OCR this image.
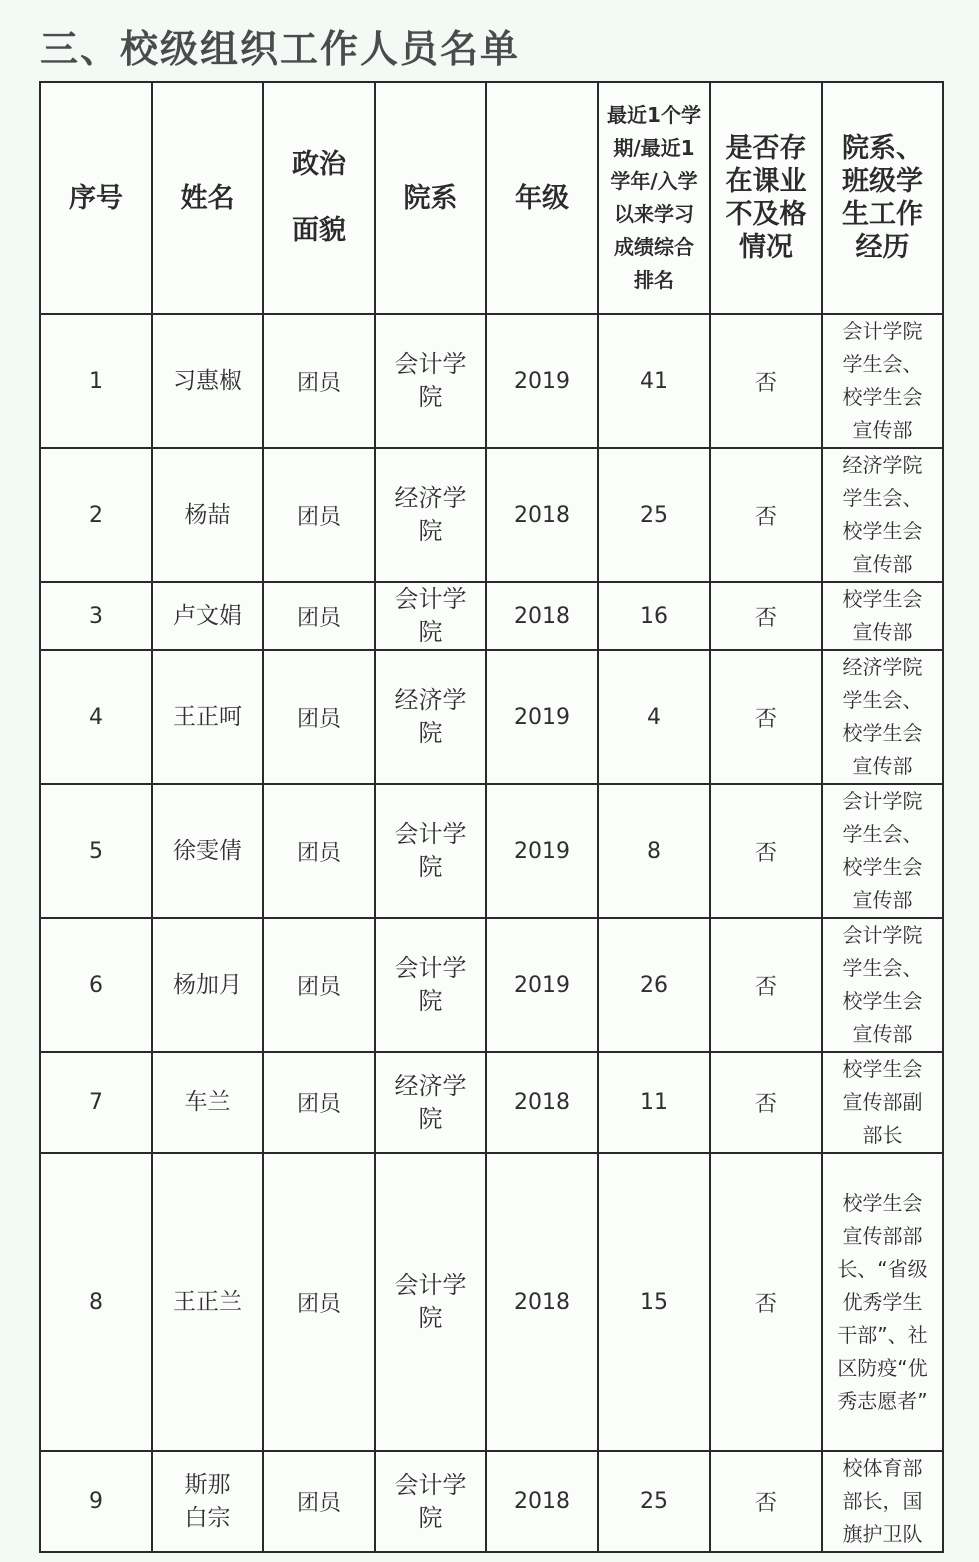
三、校级组织工作人员名单
序号	姓名	政治面貌	院系	年级	最近1个学期/最近1学年/入学以来学习成绩综合排名	是否存在课业不及格情况	院系、班级学生工作经历
1	习惠椒	团员	会计学院	2019	41	否	会计学院学生会、校学生会宣传部
2	杨喆	团员	经济学院	2018	25	否	经济学院学生会、校学生会宣传部
3	卢文娟	团员	会计学院	2018	16	否	校学生会宣传部
4	王正呵	团员	经济学院	2019	4	否	经济学院学生会、校学生会宣传部
5	徐雯倩	团员	会计学院	2019	8	否	会计学院学生会、校学生会宣传部
6	杨加月	团员	会计学院	2019	26	否	会计学院学生会、校学生会宣传部
7	车兰	团员	经济学院	2018	11	否	校学生会宣传部副部长
8	王正兰	团员	会计学院	2018	15	否	校学生会宣传部部长、“省级优秀学生干部”、社区防疫“优秀志愿者”
9	斯那白宗	团员	会计学院	2018	25	否	校体育部部长，国旗护卫队
